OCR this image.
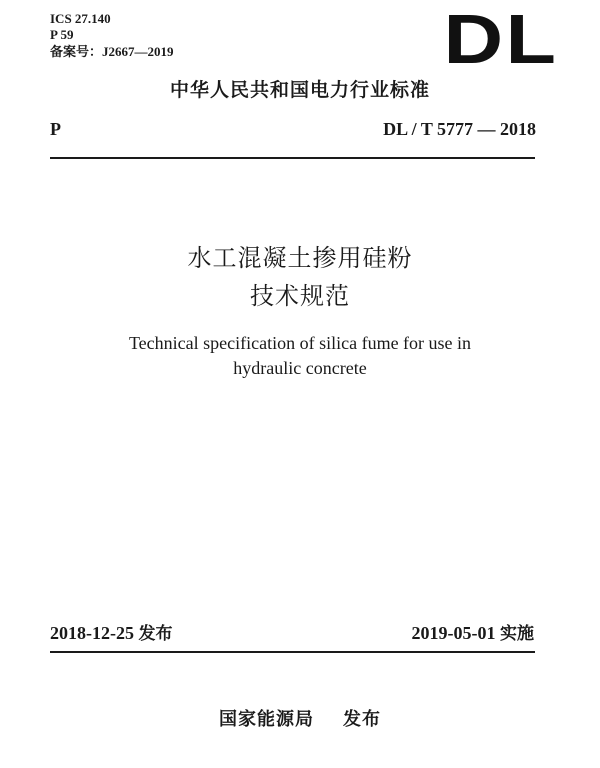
ICS 27.140
P 59
备案号：J2667—2019	DL
中华人民共和国电力行业标准
P	DL / T 5777 — 2018
水工混凝土掺用硅粉
技术规范
Technical specification of silica fume for use in
hydraulic concrete
2018-12-25 发布	2019-05-01 实施
国家能源局 发布
